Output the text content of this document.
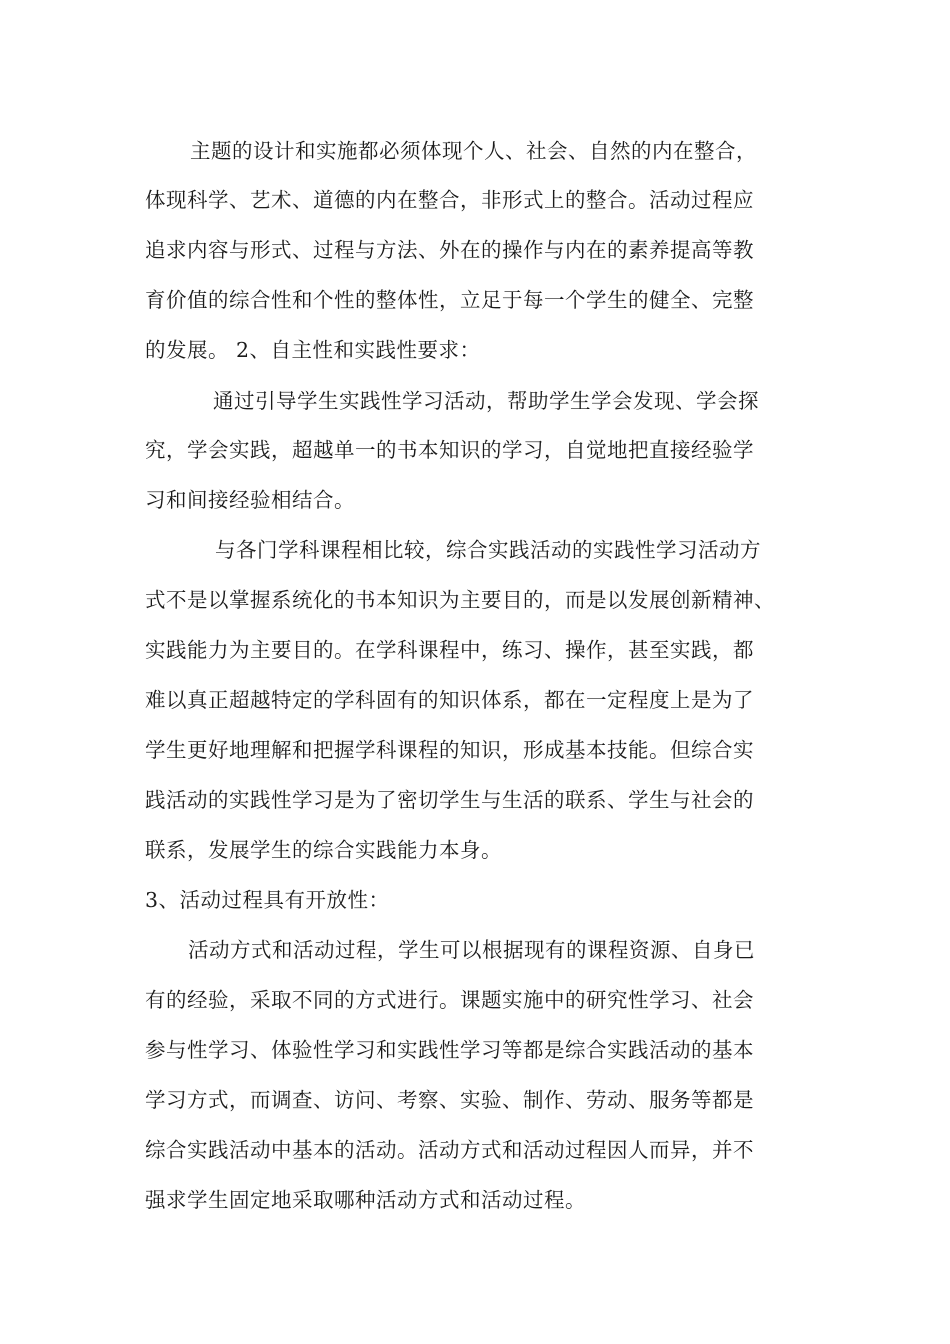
主题的设计和实施都必须体现个人、社会、自然的内在整合，
体现科学、艺术、道德的内在整合，非形式上的整合。活动过程应
追求内容与形式、过程与方法、外在的操作与内在的素养提高等教
育价值的综合性和个性的整体性，立足于每一个学生的健全、完整
的发展。 2、自主性和实践性要求：
通过引导学生实践性学习活动，帮助学生学会发现、学会探
究，学会实践，超越单一的书本知识的学习，自觉地把直接经验学
习和间接经验相结合。
与各门学科课程相比较，综合实践活动的实践性学习活动方
式不是以掌握系统化的书本知识为主要目的，而是以发展创新精神、
实践能力为主要目的。在学科课程中，练习、操作，甚至实践，都
难以真正超越特定的学科固有的知识体系，都在一定程度上是为了
学生更好地理解和把握学科课程的知识，形成基本技能。但综合实
践活动的实践性学习是为了密切学生与生活的联系、学生与社会的
联系，发展学生的综合实践能力本身。
3、活动过程具有开放性：
活动方式和活动过程，学生可以根据现有的课程资源、自身已
有的经验，采取不同的方式进行。课题实施中的研究性学习、社会
参与性学习、体验性学习和实践性学习等都是综合实践活动的基本
学习方式，而调查、访问、考察、实验、制作、劳动、服务等都是
综合实践活动中基本的活动。活动方式和活动过程因人而异，并不
强求学生固定地采取哪种活动方式和活动过程。
